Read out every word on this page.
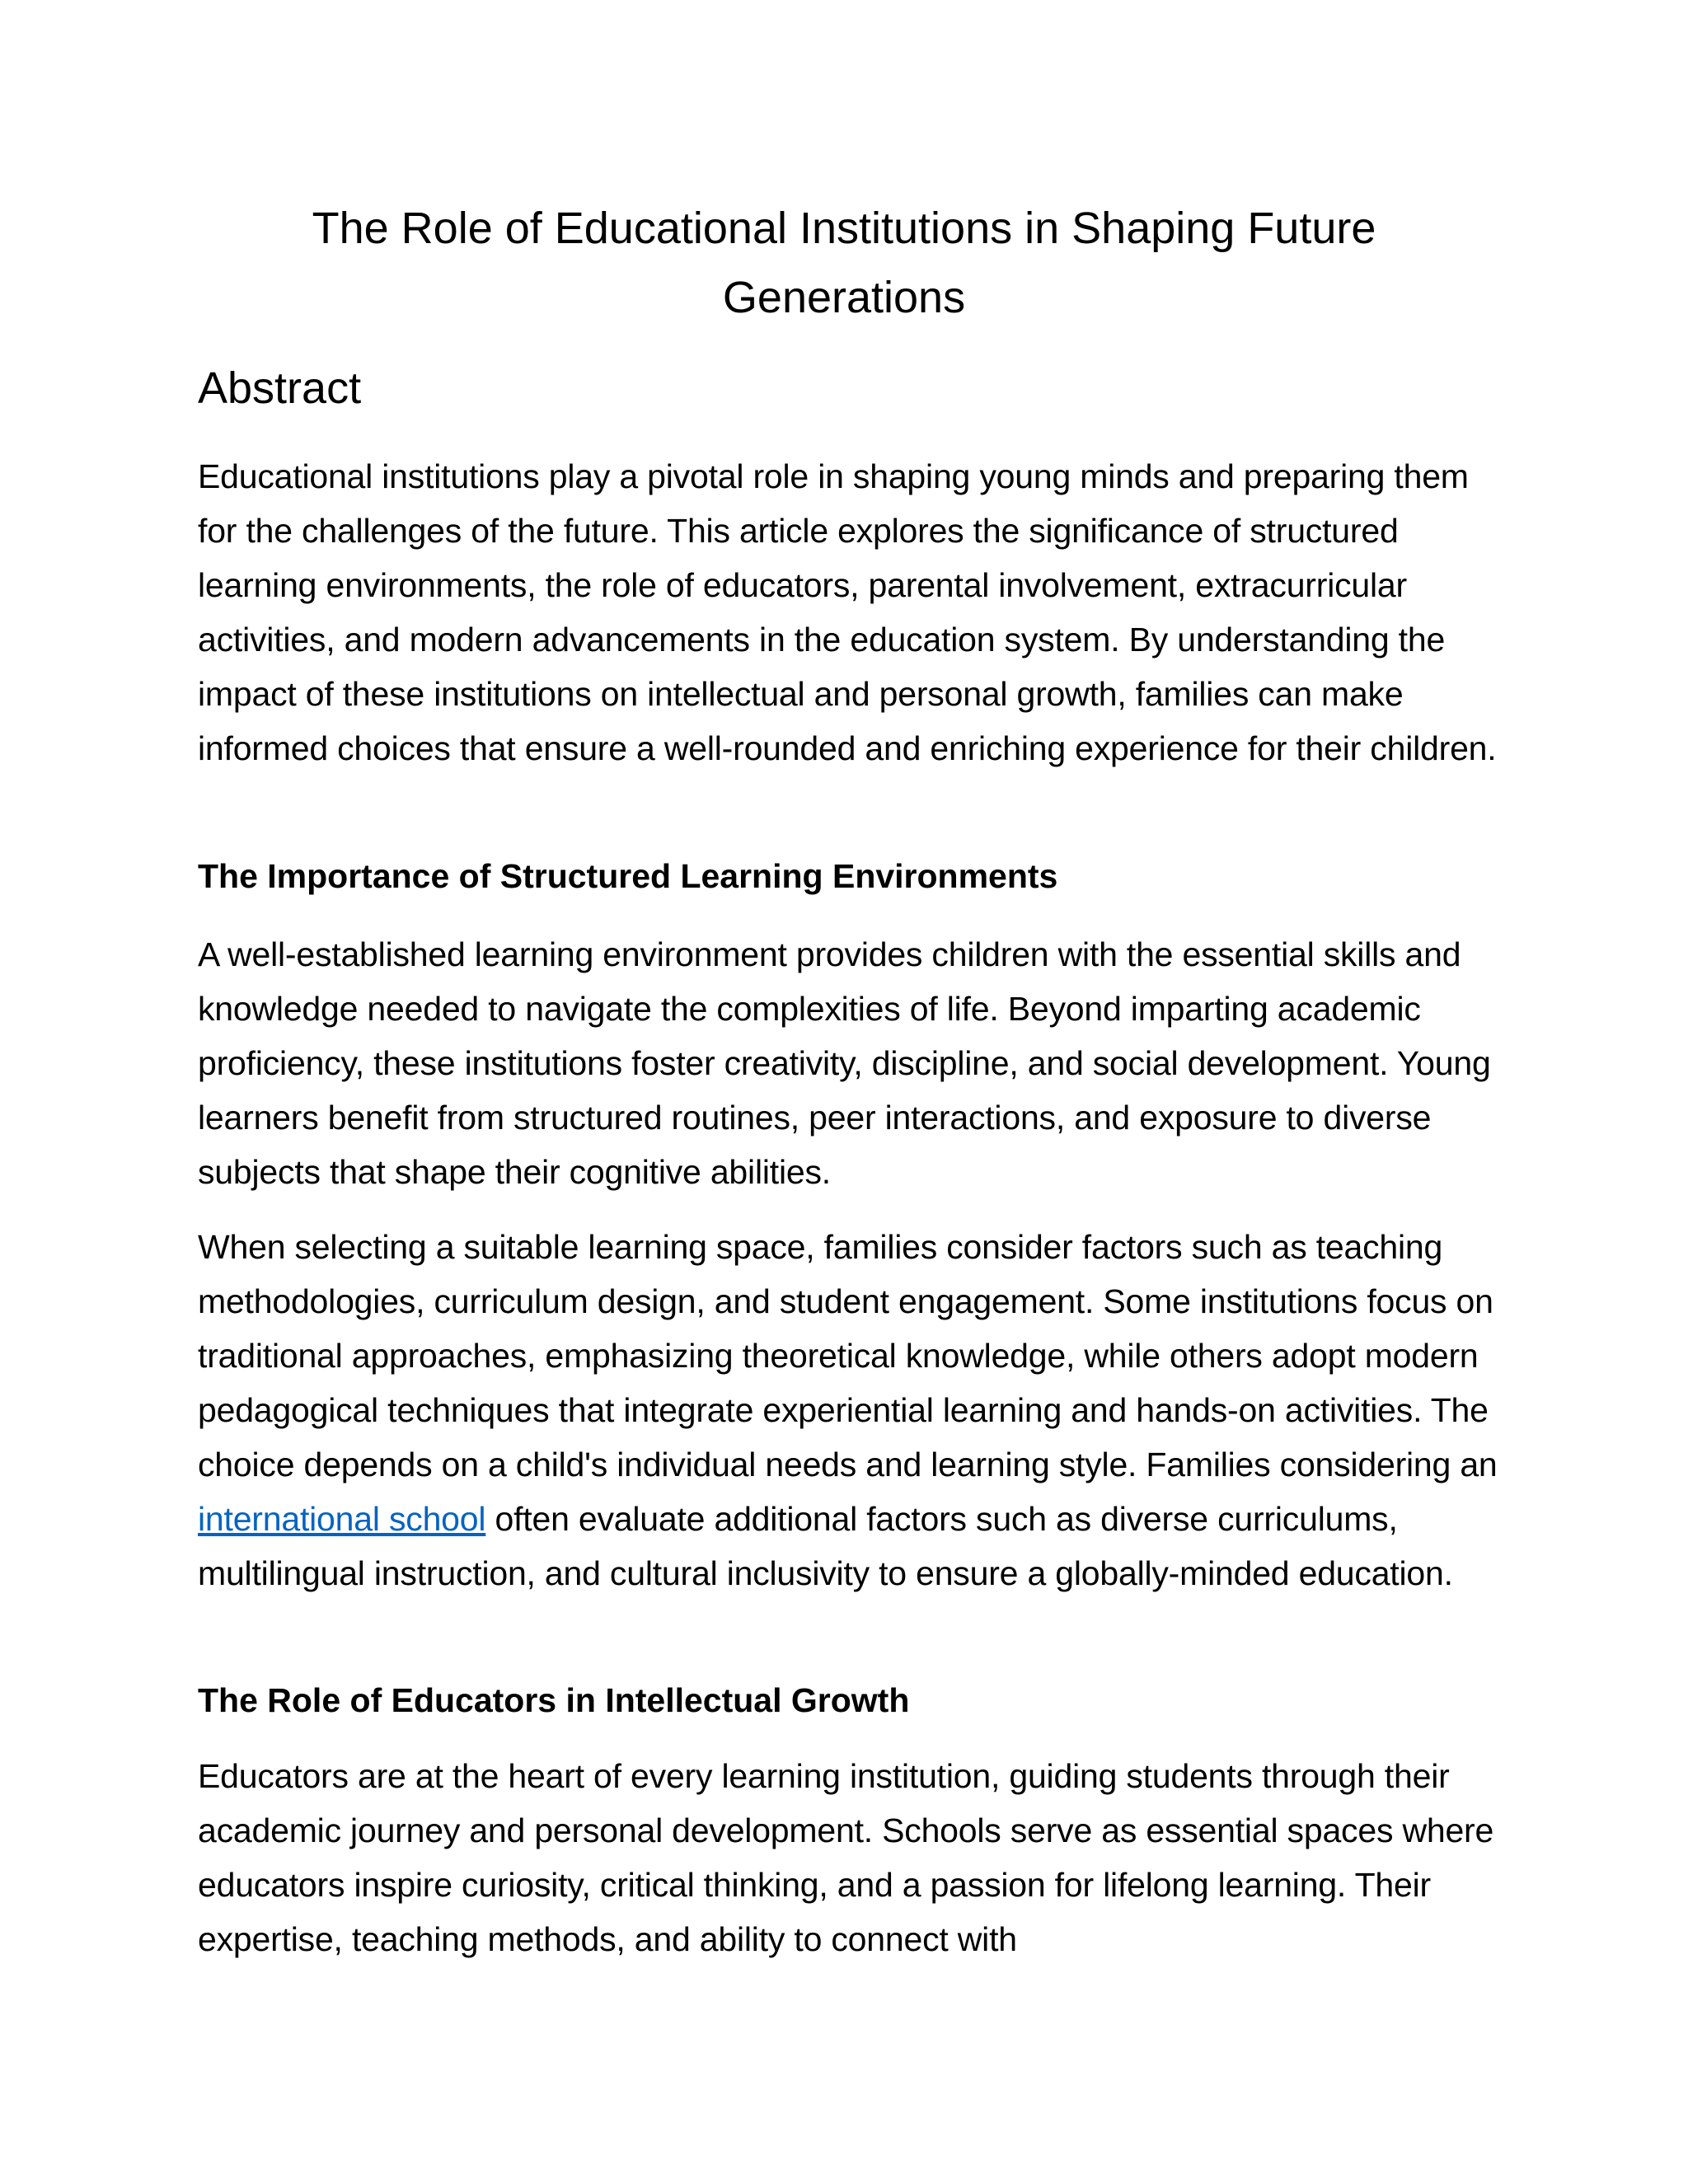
The Role of Educational Institutions in Shaping Future Generations
Abstract

Educational institutions play a pivotal role in shaping young minds and preparing them for the challenges of the future. This article explores the significance of structured learning environments, the role of educators, parental involvement, extracurricular activities, and modern advancements in the education system. By understanding the impact of these institutions on intellectual and personal growth, families can make informed choices that ensure a well-rounded and enriching experience for their children.

The Importance of Structured Learning Environments

A well-established learning environment provides children with the essential skills and knowledge needed to navigate the complexities of life. Beyond imparting academic proficiency, these institutions foster creativity, discipline, and social development. Young learners benefit from structured routines, peer interactions, and exposure to diverse subjects that shape their cognitive abilities.

When selecting a suitable learning space, families consider factors such as teaching methodologies, curriculum design, and student engagement. Some institutions focus on traditional approaches, emphasizing theoretical knowledge, while others adopt modern pedagogical techniques that integrate experiential learning and hands-on activities. The choice depends on a child's individual needs and learning style. Families considering an international school often evaluate additional factors such as diverse curriculums, multilingual instruction, and cultural inclusivity to ensure a globally-minded education.

The Role of Educators in Intellectual Growth

Educators are at the heart of every learning institution, guiding students through their academic journey and personal development. Schools serve as essential spaces where educators inspire curiosity, critical thinking, and a passion for lifelong learning. Their expertise, teaching methods, and ability to connect with
